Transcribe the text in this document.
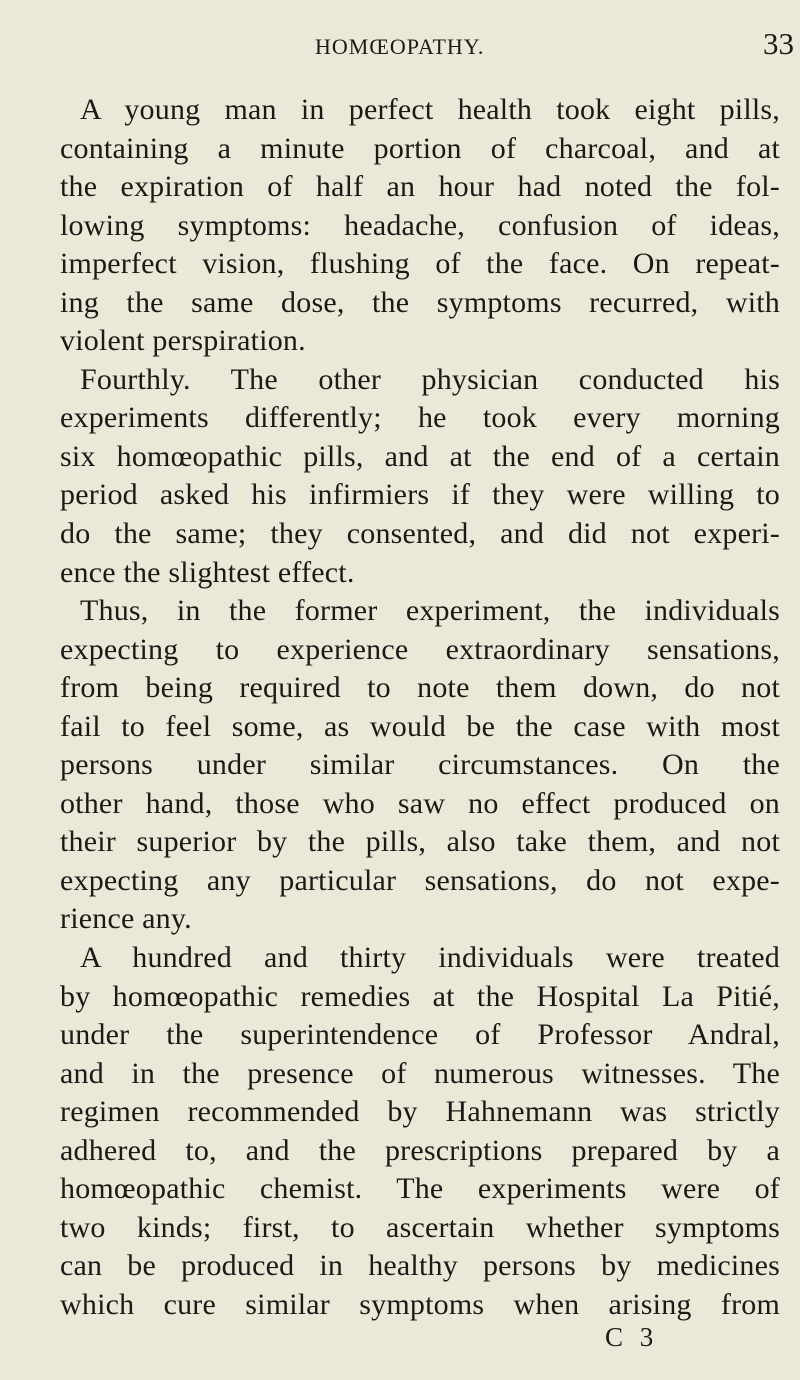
HOMŒOPATHY.	33
A young man in perfect health took eight pills,
containing a minute portion of charcoal, and at
the expiration of half an hour had noted the fol-
lowing symptoms: headache, confusion of ideas,
imperfect vision, flushing of the face. On repeat-
ing the same dose, the symptoms recurred, with
violent perspiration.
Fourthly. The other physician conducted his
experiments differently; he took every morning
six homœopathic pills, and at the end of a certain
period asked his infirmiers if they were willing to
do the same; they consented, and did not experi-
ence the slightest effect.
Thus, in the former experiment, the individuals
expecting to experience extraordinary sensations,
from being required to note them down, do not
fail to feel some, as would be the case with most
persons under similar circumstances. On the
other hand, those who saw no effect produced on
their superior by the pills, also take them, and not
expecting any particular sensations, do not expe-
rience any.
A hundred and thirty individuals were treated
by homœopathic remedies at the Hospital La Pitié,
under the superintendence of Professor Andral,
and in the presence of numerous witnesses. The
regimen recommended by Hahnemann was strictly
adhered to, and the prescriptions prepared by a
homœopathic chemist. The experiments were of
two kinds; first, to ascertain whether symptoms
can be produced in healthy persons by medicines
which cure similar symptoms when arising from
C 3
